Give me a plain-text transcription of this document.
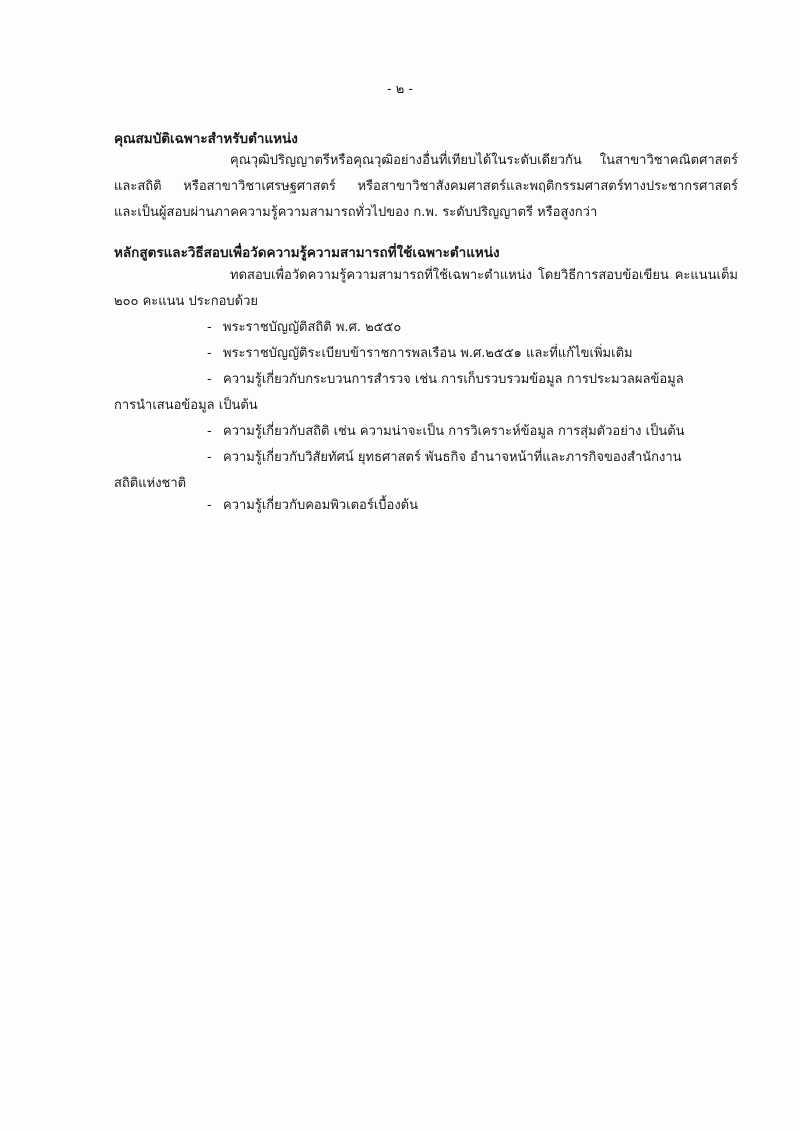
- ๒ -
คุณสมบัติเฉพาะสำหรับตำแหน่ง
คุณวุฒิปริญญาตรีหรือคุณวุฒิอย่างอื่นที่เทียบได้ในระดับเดียวกัน ในสาขาวิชาคณิตศาสตร์
และสถิติ หรือสาขาวิชาเศรษฐศาสตร์ หรือสาขาวิชาสังคมศาสตร์และพฤติกรรมศาสตร์ทางประชากรศาสตร์
และเป็นผู้สอบผ่านภาคความรู้ความสามารถทั่วไปของ ก.พ. ระดับปริญญาตรี หรือสูงกว่า
หลักสูตรและวิธีสอบเพื่อวัดความรู้ความสามารถที่ใช้เฉพาะตำแหน่ง
ทดสอบเพื่อวัดความรู้ความสามารถที่ใช้เฉพาะตำแหน่ง โดยวิธีการสอบข้อเขียน คะแนนเต็ม
๒๐๐ คะแนน ประกอบด้วย
- พระราชบัญญัติสถิติ พ.ศ. ๒๕๕๐
- พระราชบัญญัติระเบียบข้าราชการพลเรือน พ.ศ.๒๕๕๑ และที่แก้ไขเพิ่มเติม
- ความรู้เกี่ยวกับกระบวนการสำรวจ เช่น การเก็บรวบรวมข้อมูล การประมวลผลข้อมูล
การนำเสนอข้อมูล เป็นต้น
- ความรู้เกี่ยวกับสถิติ เช่น ความน่าจะเป็น การวิเคราะห์ข้อมูล การสุ่มตัวอย่าง เป็นต้น
- ความรู้เกี่ยวกับวิสัยทัศน์ ยุทธศาสตร์ พันธกิจ อำนาจหน้าที่และภารกิจของสำนักงาน
สถิติแห่งชาติ
- ความรู้เกี่ยวกับคอมพิวเตอร์เบื้องต้น
